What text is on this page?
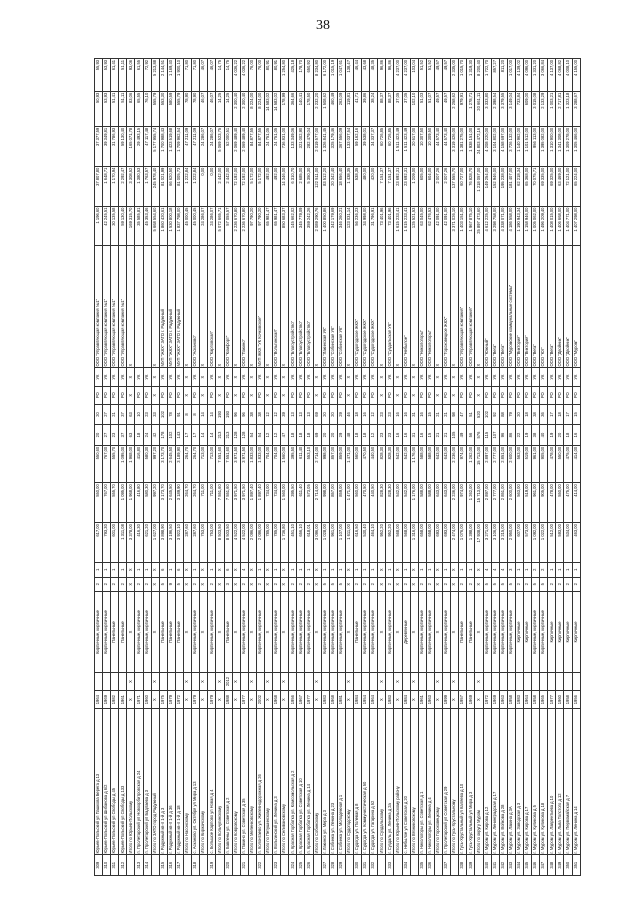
38
309	Юрьев-Польский ул Пашкова Берега д 13	1964		Кирпичные, кирпичные	2	1	617,00	550,00	550,60	20	20	РО	УК	ООО "Управляющая компания №1"	1 196,60	37 807,80	37 377,59	50,93	55,93
310	Юрьев-Польский ул Шибанова д 6/2	1969		Кирпичные, кирпичные	2	1	793,30	767,00	767,00	27	27	РО	УК	ООО "Управляющая компания №1"	42 245,51	1 648,71	39 349,81	53,93	53,93
311	Юрьев-Польский ул Свободы д 45	1982		Панельные	2	1	601,00	555,70	555,70	23	21	РО	УК	ООО "Управляющая компания №1"	30 135,58	1 170,94	31 786,93	51,41	61,41
312	Юрьев-Польский ул Свободы д 133	1961		Панельные	2	1	1 311,08	1 095,00	1 095,00	37	37	РО	УК	ООО "Управляющая компания №1"	59 130,40	2 292,47	59 130,40	51,11	51,11
	Итого по Юрьев-Польскому	X	X	X	X	X	3 378,00	1 968,00	1 968,00	63	63	X	X	X	169 315,70	3 308,52	165 071,78	83,06	93,06
313	п. Пролетарский ул Новоорбитровская д 24	1971		Кирпичные, кирпичные	2	1	416,30	416,80	416,80	18	10	РО	УК		35 585,81	1 380,53	29 493,15	65,55	61,55
314	п. Пролетарский ул Бадлаева д 3	1960		Кирпичные, кирпичные	2	1	621,20	580,30	580,30	24	23	РО	УК		45 353,46	1 763,57	47 117,48	76,10	72,92
	Итого по ЗАТО город Радужный	X	X	X	X	X	1 627,00	997,20	997,20	42	33	X	X	X	5 668 554,60	245 978,40	5 177 955,74	555,79	5 213,88
315	г. Радужный кв-л 1-й д 3	1975		Панельные	5	6	3 898,90	3 173,70	3 173,70	178	102	РО	УК	МУП "ЖКХ" ЗАТО г. Радужный	1 860 420,61	81 021,99	1 700 988,43	553,30	2 144,51
316	г. Радужный кв-л 1-й д 36	1979		Панельные	9	1	3 196,50	2 645,50	2 645,50	102	78	РО	УК	МУП "ЖКХ" ЗАТО г. Радужный	1 530 800,18	66 620,50	1 423 519,68	580,59	1 169,40
317	г. Радужный кв-л 1-й д 18	1972		Панельные	5	6	3 922,10	3 189,90	3 189,90	143	91	РО	УК	МУП "ЖКХ" ЗАТО г. Радужный	1 837 798,00	81 005,73	1 709 962,54	555,79	1 900,10
	Итого по Насонскому	X	X	X	X	X	287,60	264,70	264,70	17	8	X	X	X	45 000,45	1 222,84	47 211,09	78,90	71,80
318	с. Асканово ул. Октября ул Мира д 13	1979		Кирпичные, кирпичные	2	1	287,60	264,70	264,70	17	8	РО	УК	ООО "Асканово"	45 000,45	1 222,84	47 211,09	78,90	71,80
	Итого по Киржачскому	X	X	X	X	X	753,00	711,00	713,00	14	14	X	X	X	24 286,07	0,00	24 286,07	46,07	46,07
319	с. Большое Карпово ул Новая д 4	1979		Кирпичные, кирпичные	2	1	753,00	711,00	713,00	14	14	РО	УК	ООО "Карповская"	24 286,07	0,00	24 286,07	46,07	46,07
	Итого по Кольчугинскому	X	X	X	X	X	8 503,50	7 551,60	7 551,60	213	193	X	X	X	5 072 665,71	2 442,00	5 069 523,75	14,25	14,75
320	п. Бавлены ул. Советская д 2	1988	2012	Панельные	3	6	8 503,50	7 551,60	7 551,60	213	193	РО	УК	ООО "Комфорт"	57 055,57	2 442,00	52 000,51	14,25	14,75
	Итого по Ковровскому	X	X	X	X	X	4 522,00	3 971,50	3 971,50	128	96	X	X	X	2 236 670,80	72 192,00	2 069 489,40	2 300,40	4 036,22
321	п. Пакино ул. Советская д 35	1977		Кирпичные, кирпичные	2	4	4 522,00	3 971,50	3 971,50	128	96	РО	УК	ООО "Пакино"	2 236 670,80	72 192,00	2 069 489,40	2 300,40	4 036,22
	Итого по Меленковскому	X	X	X	X	X	2 096,00	1 897,40	1 833,00	54	38	X	X	X	97 790,20	5 172,00	84 877,55	8 224,00	76,00
322	п. Колонтаево ул. Железнодорожная д 26	2002		Кирпичные, кирпичные	2	1	2 096,00	1 897,40	1 833,00	54	38	РО	УК	МУП ЖКХ "УК Кочковское"	97 790,20	5 172,00	84 877,55	8 224,00	76,00
	Итого по Петушинскому	X	X	X	X	X	785,00	734,00	704,00	12	12	X	X	X	65 981,47	492,00	24 751,05	14 583,02	80,91
323	п. Вольгинский ул. Ленина д 3	1968		Кирпичные, кирпичные	2	1	785,00	734,00	704,00	12	12	РО	УК	ООО "Вольгинская"	65 981,47	492,00	24 751,05	14 583,02	80,91
	Итого по Селивановскому	X	X	X	X	X	1 736,80	1 560,00	1 560,00	47	39	X	X	X	850 683,37	14 346,00	736 831,00	178,99	1 254,80
324	п. Красная Горбатка ул. Комсомольская д 2	1956		Кирпичные, кирпичные	2	1	451,10	395,50	395,50	18	13	РО	УК	ООО "Благоустройство"	145 662,02	6 310,70	133 349,06	364,66	425,18
325	п. Красная Горбатка ул. Советская д 10	1967		Кирпичные, кирпичные	2	1	656,10	611,40	611,40	18	13	РО	УК	ООО "Благоустройство"	345 779,09	2 685,00	321 002,90	140,41	178,70
326	п. Красная Горбатка ул. Ленина д 14	1977		Кирпичные, кирпичные	2	1	618,01	573,05	553,10	18	13	РО	УК	ООО "Благоустройство"	359 242,26	5 350,30	282 479,04	178,50	650,92
	Итого по Собинскому	X	X	X	X	X	3 096,00	2 714,00	2 714,00	69	69	X	X	X	2 089 290,76	122 511,00	2 019 577,00	2 232,20	8 234,80
327	г. Лакинск ул. Мира д 3	1983		Кирпичные, кирпичные	5	1	1 028,00	998,00	998,00	20	20	РО	УК	ООО "Лакинская УК"	1 400 850,86	83 512,20	1 326 841,45	1 508,62	6 172,00
328	г. Собинка ул. Ленина д 23	1968		Кирпичные, кирпичные	5	1	961,00	857,00	857,00	20	20	РО	УК	ООО "Собинская УК"	342 179,69	20 342,40	325 179,46	460,49	1 015,19
329	г. Собинка ул. Молодежная д 1	1981		Кирпичные, кирпичные	5	1	1 107,00	859,00	859,00	29	29	РО	УК	ООО "Собинская УК"	346 260,21	18 656,40	367 556,09	263,09	1 047,61
	Итого по Судогодскому	X	X	X	X	X	1 611,00	1 471,00	1 471,00	48	46	X	X	X	123 031,14	1 438,35	133 037,54	119,81	138,47
330	г. Судогда ул. Полевая д 8	1984		Панельные	2	1	616,50	560,00	560,00	18	18	РО	УК	ООО "Судогодское ЖКХ"	56 236,23	538,35	59 162,16	41,71	46,44
331	г. Судогда ул. Коммунистическая д 50	1954		Кирпичные, кирпичные	2	1	530,40	470,50	470,50	18	16	РО	УК	ООО "Судогодское ЖКХ"	34 998,00	480,00	39 538,01	39,86	43,68
332	г. Судогда ул. Гагарина д 52	1964		Кирпичные, кирпичные	2	1	464,10	440,50	440,50	12	12	РО	УК	ООО "Судогодское ЖКХ"	31 796,91	420,00	34 337,37	38,24	48,35
	Итого по Суздальскому	X	X	X	X	X	952,20	828,30	828,30	23	23	X	X	X	73 401,96	7 151,37	60 726,85	88,37	96,86
333	г. Суздаль ул. Ленина д 2а	1983		Кирпичные, кирпичные	2	1	952,20	828,30	828,30	23	23	РО	УК	ООО "Суздальская УК"	73 401,96	7 151,37	60 726,85	88,37	96,86
	Итого по Юрьев-Польскому району	X	X	X	X	X	568,00	542,00	542,00	16	16	X	X	X	1 615 233,41	23 692,31	1 511 423,49	37,05	4 237,00
334	с. Небылое ул Советская д 20	1984		Деревянные	2	1	568,00	542,00	542,00	16	16	РО	УК	ООО "Небылое"	1 615 233,41	23 692,31	1 511 423,49	37,05	4 237,00
	Итого по Вязниковскому	X	X	X	X	X	1 316,00	1 176,00	1 176,00	31	31	X	X	X	125 521,53	1 209,00	20 617,00	102,10	103,04
335	п. Никологоры ул. Советская д 1	1961		Кирпичные, кирпичные	2	1	658,00	588,00	588,00	16	16	РО	УК	ООО "Никологоры"	63 045,00	605,00	10 307,50	51,03	51,52
336	п. Никологоры ул. Ленина д 4	1963		Кирпичные, кирпичные	2	1	658,00	588,00	588,00	15	15	РО	УК	ООО "Никологоры"	62 476,53	604,00	10 309,50	51,07	51,52
	Итого по Гороховецкому	X	X	X	X	X	693,00	643,00	643,00	21	21	X	X	X	42 091,00	2 007,26	44 573,40	49,57	49,57
337	п. Пролетарский ул Советская д 29	1999		Кирпичные, кирпичные	2	1	693,00	643,00	643,00	21	21	РО	УК	ООО "Гороховецкое ЖКХ"	42 091,00	2 007,26	44 573,40	49,57	49,57
	Итого по Гусь-Хрустальному	X	X	X	X	X	2 474,00	2 236,00	2 236,00	105	98	X	X	X	3 371 026,10	137 555,70	3 319 426,00	2 258,62	2 335,00
338	г. Гусь-Хрустальный ул Каляева д 10	1957		Панельные	2	1	1 076,00	974,00	974,00	49	47	РО	УК	ООО "Управляющая компания"	1 403 151,00	60 727,00	1 381 275,00	979,91	1 015,70
339	г. Гусь-Хрустальный ул Мира д 3	1969		Панельные	2	1	1 398,00	1 262,00	1 262,00	56	51	РО	УК	ООО "Управляющая компания"	1 967 875,10	76 828,70	1 938 151,00	1 278,71	1 319,30
	Итого по округу Муром	X	X	X	X	X	17 938,00	15 713,00	15 713,00	576	520	X	X	X	25 897 473,60	1 218 057,00	24 803 472,16	20 661,11	8 200,40
340	г. Муром ул. Кирова д 12	1972		Кирпичные, кирпичные	5	4	3 271,00	2 897,00	2 897,00	115	102	РО	УК	ООО "Южный"	4 612 225,00	149 254,00	4 208 220,00	3 333,80	1 722,70
341	г. Муром ул. Ленинградская д 17	1969		Кирпичные, кирпичные	5	4	3 106,00	2 777,00	2 777,00	107	92	РО	УК	ООО "Вега"	3 298 758,00	152 946,00	3 104 802,00	2 398,54	857,27
342	г. Муром ул. Войкова д 28	1963		Кирпичные, кирпичные	5	4	3 215,00	2 851,00	2 851,00	96	88	РО	УК	ООО "Вега"	4 338 071,00	195 238,00	4 158 697,00	3 379,55	811,20
343	г. Муром ул. Лакина д 3А	1958		Кирпичные, кирпичные	5	3	2 950,00	2 600,00	2 600,00	86	79	РО	УК	ООО "Муромские коммунальные системы"	4 186 558,00	181 407,00	3 726 132,00	3 149,04	1 017,00
344	г. Муром ул. Заводская д 3	1983		Кирпичные	2	1	607,00	563,00	563,00	22	20	РО	УК	ООО "Виктория"	1 190 943,34	62 218,34	1 140 962,00	733,84	4 139,02
345	г. Муром ул. Кирова д 17	1964		Кирпичные	2	1	573,00	519,00	519,00	19	18	РО	УК	ООО "Виктория"	1 158 946,00	65 368,00	1 101 512,00	609,00	4 096,00
346	г. Муром ул. Куликова д 5	1958		Кирпичные, кирпичные	5	2	1 092,00	961,00	961,00	38	38	РО	УК	ООО "Вега"	1 005 062,00	70 075,71	956 113,00	3 015,08	1 331,20
347	г. Муром ул. Куликова д 18	1965		Кирпичные, кирпичные	5	2	1 022,00	905,00	905,00	40	36	РО	УК	ООО "Юг"	1 496 209,40	69 335,00	1 395 082,00	2 133,29	3 066,84
348	г. Муром ул. Лаврентьева д 10	1977		Кирпичные	2	1	512,00	478,00	478,00	19	17	РО	УК	ООО "Вега"	1 408 015,00	69 325,00	1 310 900,00	1 003,21	4 137,00
349	г. Муром ул. Льва Толстого д 12	1960		Кирпичные	2	1	593,00	550,00	550,00	20	18	РО	УК	ООО "Двойник"	1 406 668,00	63 469,00	1 341 308,00	2 717,81	4 068,82
350	г. Муром ул. Первомайская д 7	1958		Кирпичные	2	1	534,00	475,00	475,00	18	17	РО	УК	ООО "Двойник"	1 404 771,00	72 121,00	1 309 278,00	1 323,18	4 008,10
351	г. Муром ул. Ленина д 14	1956		Кирпичные	2	1	463,00	414,00	414,00	16	15	РО	УК	ООО "Муром"	1 407 298,00	65 224,00	1 305 466,00	3 288,67	4 155,00
